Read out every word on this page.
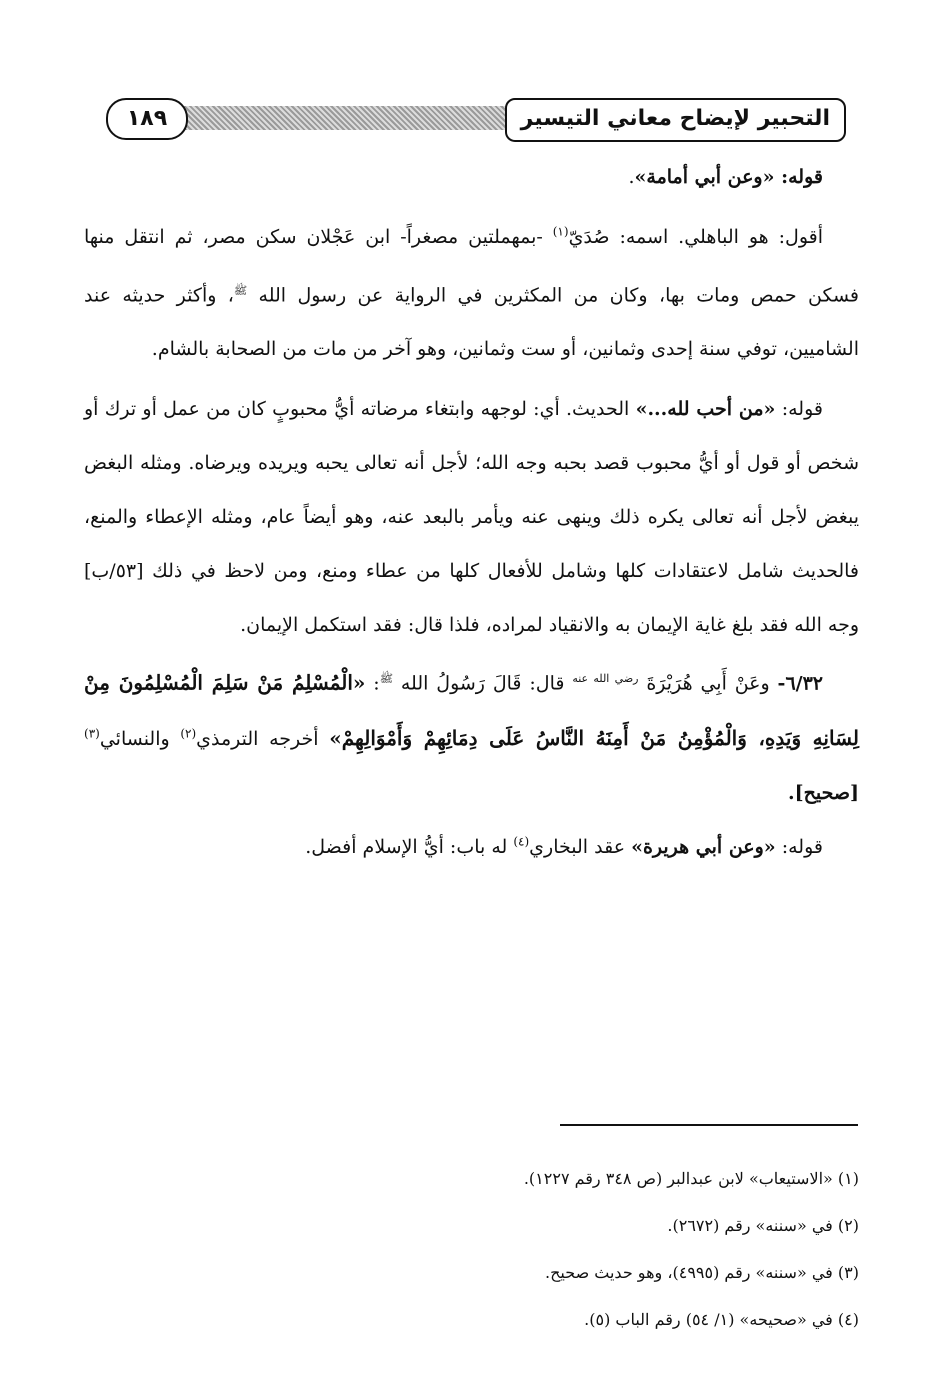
التحبير لإيضاح معاني التيسير
١٨٩

قوله: «وعن أبي أمامة».

أقول: هو الباهلي. اسمه: صُدَيّ$^{(١)}$ -بمهملتين مصغراً- ابن عَجْلان سكن مصر، ثم انتقل منها فسكن حمص ومات بها، وكان من المكثرين في الرواية عن رسول الله $^ﷺ$، وأكثر حديثه عند الشاميين، توفي سنة إحدى وثمانين، أو ست وثمانين، وهو آخر من مات من الصحابة بالشام.

قوله: «من أحب لله...» الحديث. أي: لوجهه وابتغاء مرضاته أيُّ محبوبٍ كان من عمل أو ترك أو شخص أو قول أو أيُّ محبوب قصد بحبه وجه الله؛ لأجل أنه تعالى يحبه ويريده ويرضاه. ومثله البغض يبغض لأجل أنه تعالى يكره ذلك وينهى عنه ويأمر بالبعد عنه، وهو أيضاً عام، ومثله الإعطاء والمنع، فالحديث شامل لاعتقادات كلها وشامل للأفعال كلها من عطاء ومنع، ومن لاحظ في ذلك [٥٣/ب] وجه الله فقد بلغ غاية الإيمان به والانقياد لمراده، فلذا قال: فقد استكمل الإيمان.

٦/٣٢- وعَنْ أَبِي هُرَيْرَةَ $^{رضي الله عنه}$ قال: قَالَ رَسُولُ الله $^ﷺ$: «الْمُسْلِمُ مَنْ سَلِمَ الْمُسْلِمُونَ مِنْ لِسَانِهِ وَيَدِهِ، وَالْمُؤْمِنُ مَنْ أَمِنَهُ النَّاسُ عَلَى دِمَائِهِمْ وَأَمْوَالِهِمْ» أخرجه الترمذي$^{(٢)}$ والنسائي$^{(٣)}$ [صحيح].

قوله: «وعن أبي هريرة» عقد البخاري$^{(٤)}$ له باب: أيُّ الإسلام أفضل.

(١) «الاستيعاب» لابن عبدالبر (ص ٣٤٨ رقم ١٢٢٧).

(٢) في «سننه» رقم (٢٦٧٢).

(٣) في «سننه» رقم (٤٩٩٥)، وهو حديث صحيح.

(٤) في «صحيحه» (١/ ٥٤) رقم الباب (٥).
